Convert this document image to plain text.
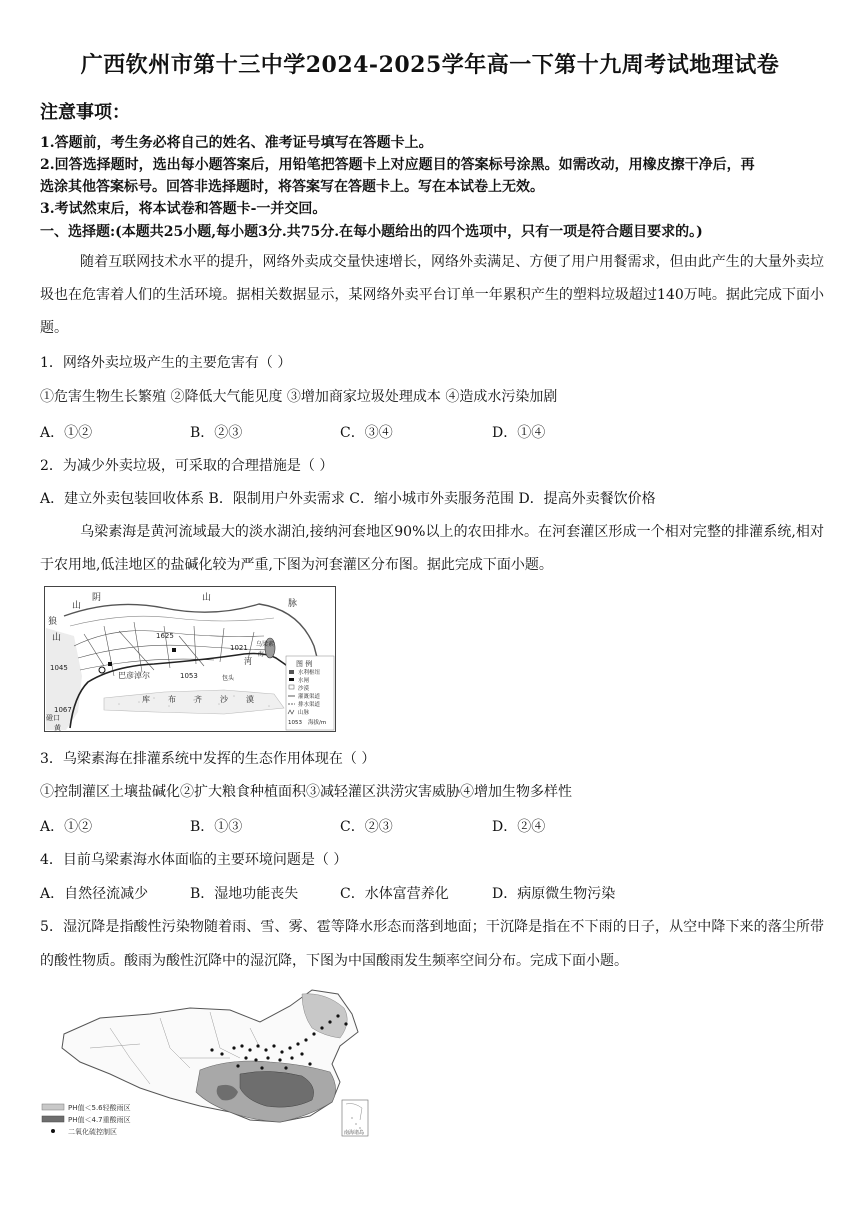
广西钦州市第十三中学2024-2025学年高一下第十九周考试地理试卷
注意事项：
1.答题前，考生务必将自己的姓名、准考证号填写在答题卡上。
2.回答选择题时，选出每小题答案后，用铅笔把答题卡上对应题目的答案标号涂黑。如需改动，用橡皮擦干净后，再
选涂其他答案标号。回答非选择题时，将答案写在答题卡上。写在本试卷上无效。
3.考试然束后，将本试卷和答题卡-一并交回。
一、选择题:(本题共25小题,每小题3分.共75分.在每小题给出的四个选项中，只有一项是符合题目要求的。)
随着互联网技术水平的提升，网络外卖成交量快速增长，网络外卖满足、方便了用户用餐需求，但由此产生的大量外卖垃圾也在危害着人们的生活环境。据相关数据显示，某网络外卖平台订单一年累积产生的塑料垃圾超过140万吨。据此完成下面小题。
1．网络外卖垃圾产生的主要危害有（ ）
①危害生物生长繁殖 ②降低大气能见度 ③增加商家垃圾处理成本 ④造成水污染加剧
A．①②	B．②③	C．③④	D．①④
2．为减少外卖垃圾，可采取的合理措施是（ ）
A．建立外卖包装回收体系 B．限制用户外卖需求 C．缩小城市外卖服务范围 D．提高外卖餐饮价格
乌梁素海是黄河流域最大的淡水湖泊,接纳河套地区90%以上的农田排水。在河套灌区形成一个相对完整的排灌系统,相对于农用地,低洼地区的盐碱化较为严重,下图为河套灌区分布图。据此完成下面小题。
阴	山
山	脉
狼
山
巴彦淖尔
河
库 布 齐 沙 漠
磴口
黄
1625
1021
1045
1053
1067
乌梁素
海
包头
图 例
水利枢纽
水闸
沙漠
灌溉渠道
排水渠道
山脉
1053 海拔/m
3．乌梁素海在排灌系统中发挥的生态作用体现在（ ）
①控制灌区土壤盐碱化②扩大粮食种植面积③减轻灌区洪涝灾害威胁④增加生物多样性
A．①②	B．①③	C．②③	D．②④
4．目前乌梁素海水体面临的主要环境问题是（ ）
A．自然径流减少	B．湿地功能丧失	C．水体富营养化	D．病原微生物污染
5．湿沉降是指酸性污染物随着雨、雪、雾、雹等降水形态而落到地面；干沉降是指在不下雨的日子，从空中降下来的落尘所带的酸性物质。酸雨为酸性沉降中的湿沉降，下图为中国酸雨发生频率空间分布。完成下面小题。
南海诸岛
PH值＜5.6轻酸雨区
PH值＜4.7重酸雨区
二氧化硫控制区
